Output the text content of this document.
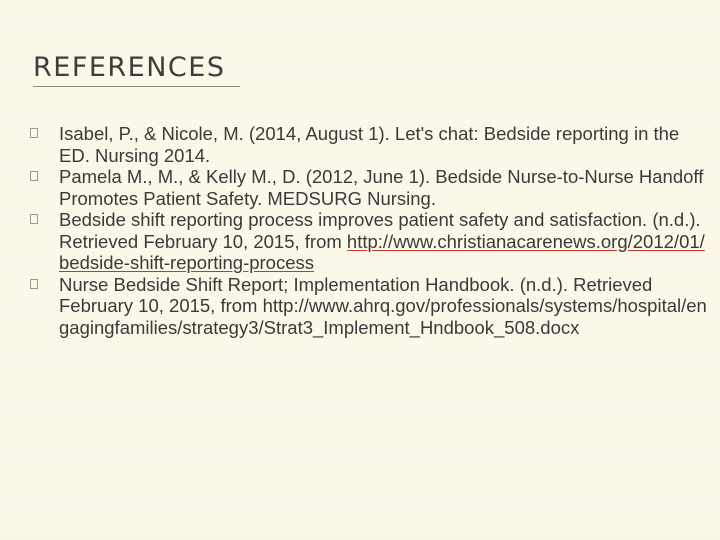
REFERENCES
Isabel, P., & Nicole, M. (2014, August 1). Let's chat: Bedside reporting in the ED. Nursing 2014.
Pamela M., M., & Kelly M., D. (2012, June 1). Bedside Nurse-to-Nurse Handoff Promotes Patient Safety. MEDSURG Nursing.
Bedside shift reporting process improves patient safety and satisfaction. (n.d.). Retrieved February 10, 2015, from http://www.christianacarenews.org/2012/01/bedside-shift-reporting-process
Nurse Bedside Shift Report; Implementation Handbook. (n.d.). Retrieved February 10, 2015, from http://www.ahrq.gov/professionals/systems/hospital/engagingfamilies/strategy3/Strat3_Implement_Hndbook_508.docx
